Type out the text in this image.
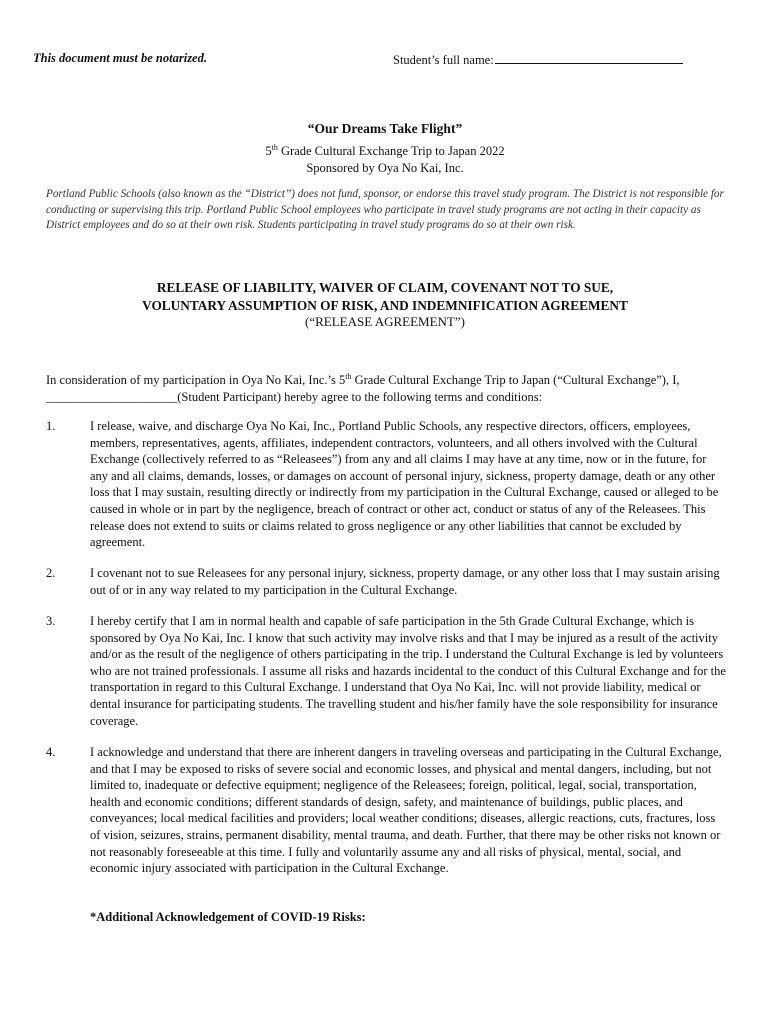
This document must be notarized.	Student’s full name:
“Our Dreams Take Flight”
5th Grade Cultural Exchange Trip to Japan 2022
Sponsored by Oya No Kai, Inc.
Portland Public Schools (also known as the “District”) does not fund, sponsor, or endorse this travel study program. The District is not responsible for conducting or supervising this trip. Portland Public School employees who participate in travel study programs are not acting in their capacity as District employees and do so at their own risk. Students participating in travel study programs do so at their own risk.
RELEASE OF LIABILITY, WAIVER OF CLAIM, COVENANT NOT TO SUE,
VOLUNTARY ASSUMPTION OF RISK, AND INDEMNIFICATION AGREEMENT
(“RELEASE AGREEMENT”)
In consideration of my participation in Oya No Kai, Inc.’s 5th Grade Cultural Exchange Trip to Japan (“Cultural Exchange”), I, _____________________(Student Participant) hereby agree to the following terms and conditions:
1.	I release, waive, and discharge Oya No Kai, Inc., Portland Public Schools, any respective directors, officers, employees, members, representatives, agents, affiliates, independent contractors, volunteers, and all others involved with the Cultural Exchange (collectively referred to as “Releasees”) from any and all claims I may have at any time, now or in the future, for any and all claims, demands, losses, or damages on account of personal injury, sickness, property damage, death or any other loss that I may sustain, resulting directly or indirectly from my participation in the Cultural Exchange, caused or alleged to be caused in whole or in part by the negligence, breach of contract or other act, conduct or status of any of the Releasees. This release does not extend to suits or claims related to gross negligence or any other liabilities that cannot be excluded by agreement.
2.	I covenant not to sue Releasees for any personal injury, sickness, property damage, or any other loss that I may sustain arising out of or in any way related to my participation in the Cultural Exchange.
3.	I hereby certify that I am in normal health and capable of safe participation in the 5th Grade Cultural Exchange, which is sponsored by Oya No Kai, Inc. I know that such activity may involve risks and that I may be injured as a result of the activity and/or as the result of the negligence of others participating in the trip. I understand the Cultural Exchange is led by volunteers who are not trained professionals. I assume all risks and hazards incidental to the conduct of this Cultural Exchange and for the transportation in regard to this Cultural Exchange. I understand that Oya No Kai, Inc. will not provide liability, medical or dental insurance for participating students. The travelling student and his/her family have the sole responsibility for insurance coverage.
4.	I acknowledge and understand that there are inherent dangers in traveling overseas and participating in the Cultural Exchange, and that I may be exposed to risks of severe social and economic losses, and physical and mental dangers, including, but not limited to, inadequate or defective equipment; negligence of the Releasees; foreign, political, legal, social, transportation, health and economic conditions; different standards of design, safety, and maintenance of buildings, public places, and conveyances; local medical facilities and providers; local weather conditions; diseases, allergic reactions, cuts, fractures, loss of vision, seizures, strains, permanent disability, mental trauma, and death. Further, that there may be other risks not known or not reasonably foreseeable at this time. I fully and voluntarily assume any and all risks of physical, mental, social, and economic injury associated with participation in the Cultural Exchange.
*Additional Acknowledgement of COVID-19 Risks:
